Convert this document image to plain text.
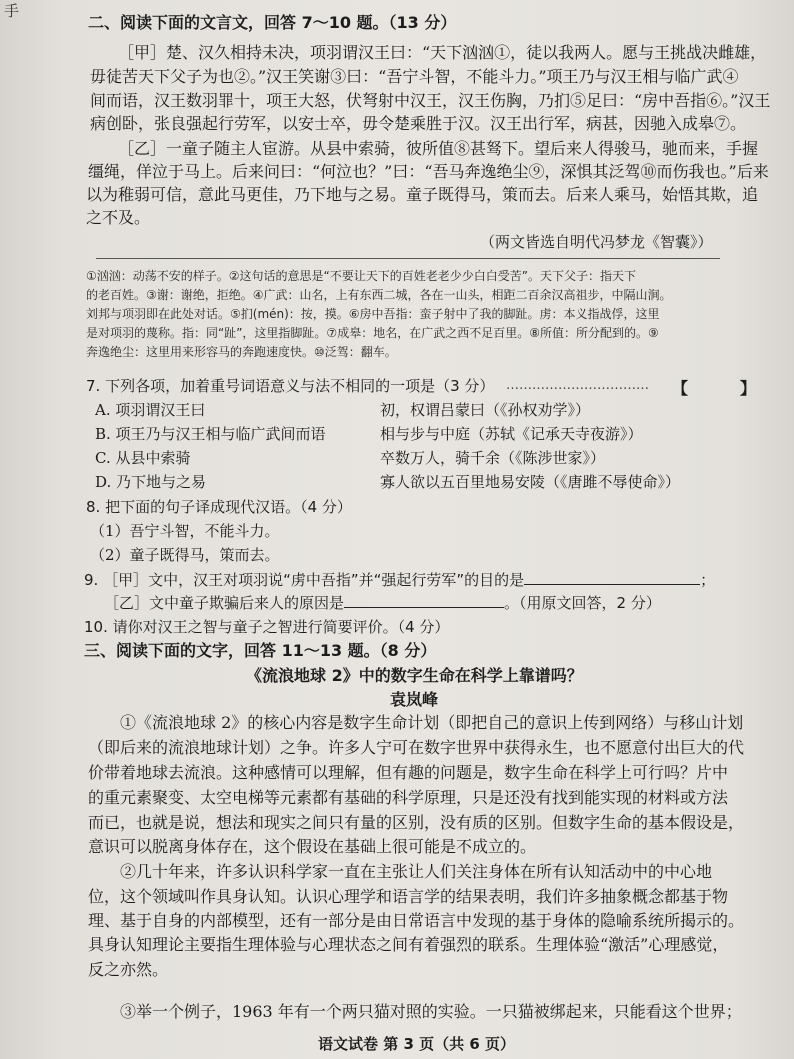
手
二、阅读下面的文言文，回答 7～10 题。（13 分）
［甲］楚、汉久相持未决，项羽谓汉王曰：“天下汹汹①，徒以我两人。愿与王挑战决雌雄，
毋徒苦天下父子为也②。”汉王笑谢③曰：“吾宁斗智，不能斗力。”项王乃与汉王相与临广武④
间而语，汉王数羽罪十，项王大怒，伏弩射中汉王，汉王伤胸，乃扪⑤足曰：“房中吾指⑥。”汉王
病创卧，张良强起行劳军，以安士卒，毋令楚乘胜于汉。汉王出行军，病甚，因驰入成皋⑦。
［乙］一童子随主人宦游。从县中索骑，彼所值⑧甚驽下。望后来人得骏马，驰而来，手握
缰绳，佯泣于马上。后来问曰：“何泣也？”曰：“吾马奔逸绝尘⑨，深惧其泛驾⑩而伤我也。”后来
以为稚弱可信，意此马更佳，乃下地与之易。童子既得马，策而去。后来人乘马，始悟其欺，追
之不及。
（两文皆选自明代冯梦龙《智囊》）
①汹汹：动荡不安的样子。②这句话的意思是“不要让天下的百姓老老少少白白受苦”。天下父子：指天下
的老百姓。③谢：谢绝，拒绝。④广武：山名，上有东西二城，各在一山头，相距二百余汉高祖步，中隔山涧。
刘邦与项羽即在此处对话。⑤扪(mén)：按，摸。⑥房中吾指：蛮子射中了我的脚趾。虏：本义指战俘，这里
是对项羽的蔑称。指：同“趾”，这里指脚趾。⑦成皋：地名，在广武之西不足百里。⑧所值：所分配到的。⑨
奔逸绝尘：这里用来形容马的奔跑速度快。⑩泛驾：翻车。
7. 下列各项，加着重号词语意义与法不相同的一项是（3 分） …………………………… 【	】
A. 项羽谓汉王曰	初，权谓吕蒙曰（《孙权劝学》）
B. 项王乃与汉王相与临广武间而语	相与步与中庭（苏轼《记承天寺夜游》）
C. 从县中索骑	卒数万人，骑千余（《陈涉世家》）
D. 乃下地与之易	寡人欲以五百里地易安陵（《唐雎不辱使命》）
8. 把下面的句子译成现代汉语。（4 分）
（1）吾宁斗智，不能斗力。
（2）童子既得马，策而去。
9. ［甲］文中，汉王对项羽说“虏中吾指”并“强起行劳军”的目的是	；
［乙］文中童子欺骗后来人的原因是	。（用原文回答，2 分）
10. 请你对汉王之智与童子之智进行简要评价。（4 分）
三、阅读下面的文字，回答 11～13 题。（8 分）
《流浪地球 2》中的数字生命在科学上靠谱吗？
袁岚峰
①《流浪地球 2》的核心内容是数字生命计划（即把自己的意识上传到网络）与移山计划
（即后来的流浪地球计划）之争。许多人宁可在数字世界中获得永生，也不愿意付出巨大的代
价带着地球去流浪。这种感情可以理解，但有趣的问题是，数字生命在科学上可行吗？片中
的重元素聚变、太空电梯等元素都有基础的科学原理，只是还没有找到能实现的材料或方法
而已，也就是说，想法和现实之间只有量的区别，没有质的区别。但数字生命的基本假设是，
意识可以脱离身体存在，这个假设在基础上很可能是不成立的。
②几十年来，许多认识科学家一直在主张让人们关注身体在所有认知活动中的中心地
位，这个领域叫作具身认知。认识心理学和语言学的结果表明，我们许多抽象概念都基于物
理、基于自身的内部模型，还有一部分是由日常语言中发现的基于身体的隐喻系统所揭示的。
具身认知理论主要指生理体验与心理状态之间有着强烈的联系。生理体验“激活”心理感觉，
反之亦然。
③举一个例子，1963 年有一个两只猫对照的实验。一只猫被绑起来，只能看这个世界；
语文试卷 第 3 页（共 6 页）
